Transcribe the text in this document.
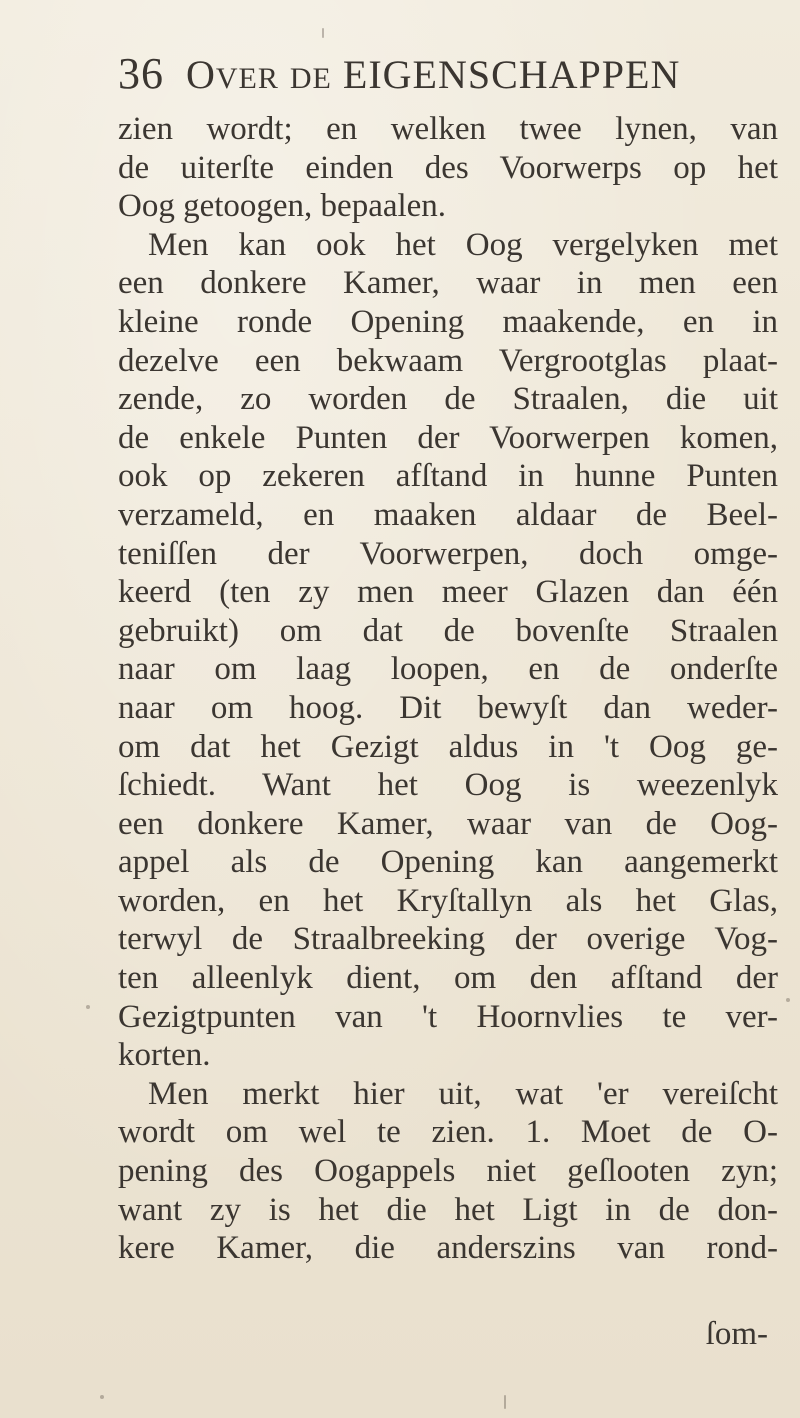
36 OVER DE EIGENSCHAPPEN
zien wordt; en welken twee lynen, van
de uiterſte einden des Voorwerps op het
Oog getoogen, bepaalen.
Men kan ook het Oog vergelyken met
een donkere Kamer, waar in men een
kleine ronde Opening maakende, en in
dezelve een bekwaam Vergrootglas plaat-
zende, zo worden de Straalen, die uit
de enkele Punten der Voorwerpen komen,
ook op zekeren afſtand in hunne Punten
verzameld, en maaken aldaar de Beel-
teniſſen der Voorwerpen, doch omge-
keerd (ten zy men meer Glazen dan één
gebruikt) om dat de bovenſte Straalen
naar om laag loopen, en de onderſte
naar om hoog. Dit bewyſt dan weder-
om dat het Gezigt aldus in 't Oog ge-
ſchiedt. Want het Oog is weezenlyk
een donkere Kamer, waar van de Oog-
appel als de Opening kan aangemerkt
worden, en het Kryſtallyn als het Glas,
terwyl de Straalbreeking der overige Vog-
ten alleenlyk dient, om den afſtand der
Gezigtpunten van 't Hoornvlies te ver-
korten.
Men merkt hier uit, wat 'er vereiſcht
wordt om wel te zien. 1. Moet de O-
pening des Oogappels niet geſlooten zyn;
want zy is het die het Ligt in de don-
kere Kamer, die anderszins van rond-
ſom-
